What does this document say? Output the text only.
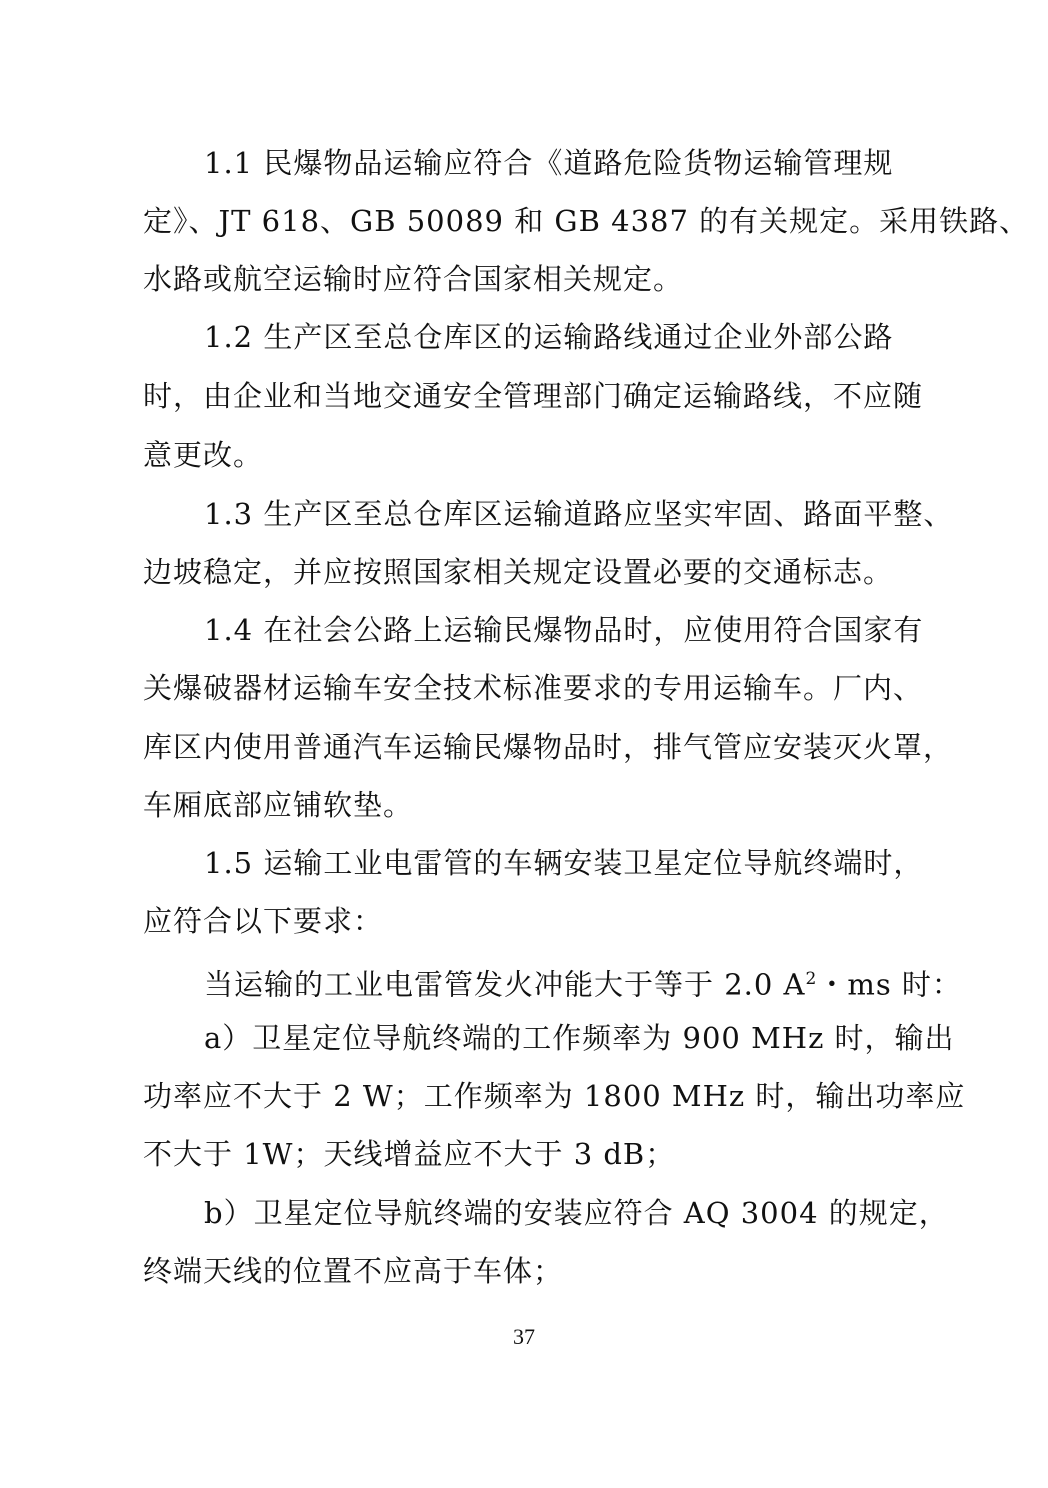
1.1 民爆物品运输应符合《道路危险货物运输管理规
定》、JT 618、GB 50089 和 GB 4387 的有关规定。采用铁路、
水路或航空运输时应符合国家相关规定。
1.2 生产区至总仓库区的运输路线通过企业外部公路
时，由企业和当地交通安全管理部门确定运输路线，不应随
意更改。
1.3 生产区至总仓库区运输道路应坚实牢固、路面平整、
边坡稳定，并应按照国家相关规定设置必要的交通标志。
1.4 在社会公路上运输民爆物品时，应使用符合国家有
关爆破器材运输车安全技术标准要求的专用运输车。厂内、
库区内使用普通汽车运输民爆物品时，排气管应安装灭火罩，
车厢底部应铺软垫。
1.5 运输工业电雷管的车辆安装卫星定位导航终端时，
应符合以下要求：
当运输的工业电雷管发火冲能大于等于 2.0 $A^2$・ms 时：
a）卫星定位导航终端的工作频率为 900 MHz 时，输出
功率应不大于 2 W；工作频率为 1800 MHz 时，输出功率应
不大于 1W；天线增益应不大于 3 dB；
b）卫星定位导航终端的安装应符合 AQ 3004 的规定，
终端天线的位置不应高于车体；
37
